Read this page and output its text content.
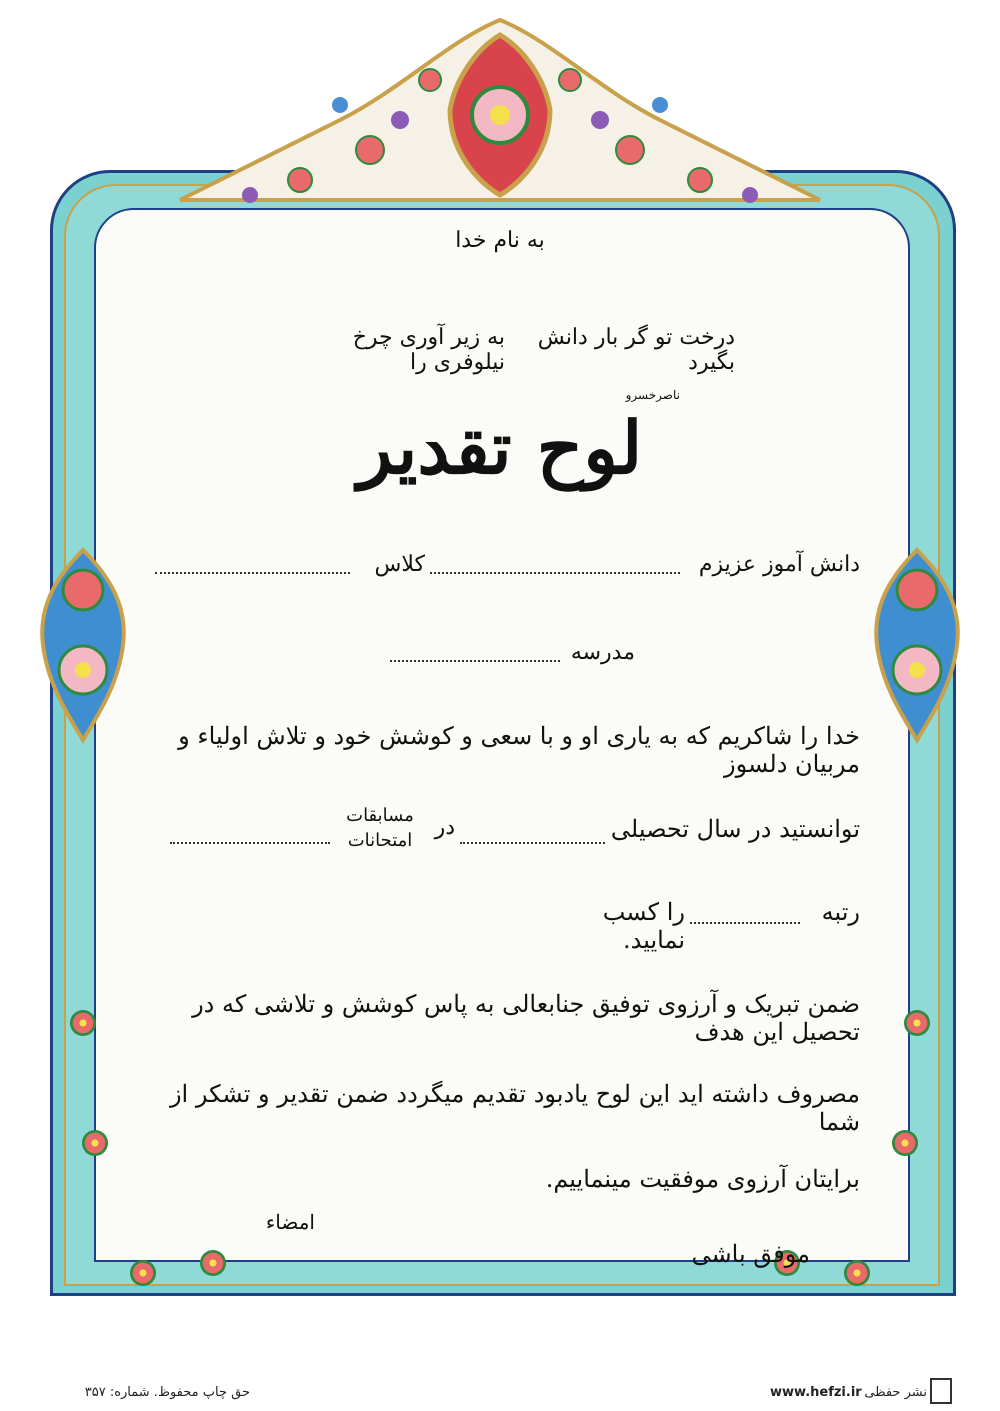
به نام خدا
درخت تو گر بار دانش بگیرد
به زیر آوری چرخ نیلوفری را
ناصرخسرو
لوح تقدیر
دانش آموز عزیزم
کلاس
مدرسه
خدا را شاکریم که به یاری او و با سعی و کوشش خود و تلاش اولیاء و مربیان دلسوز
توانستید در سال تحصیلی
در
مسابقات
امتحانات
رتبه
را کسب نمایید.
ضمن تبریک و آرزوی توفیق جنابعالی به پاس کوشش و تلاشی که در تحصیل این هدف
مصروف داشته اید این لوح یادبود تقدیم میگردد ضمن تقدیر و تشکر از شما
برایتان آرزوی موفقیت مینماییم.
امضاء
موفق باشی
حق چاپ محفوظ. شماره: ۳۵۷	www.hefzi.ir نشر حفظی
